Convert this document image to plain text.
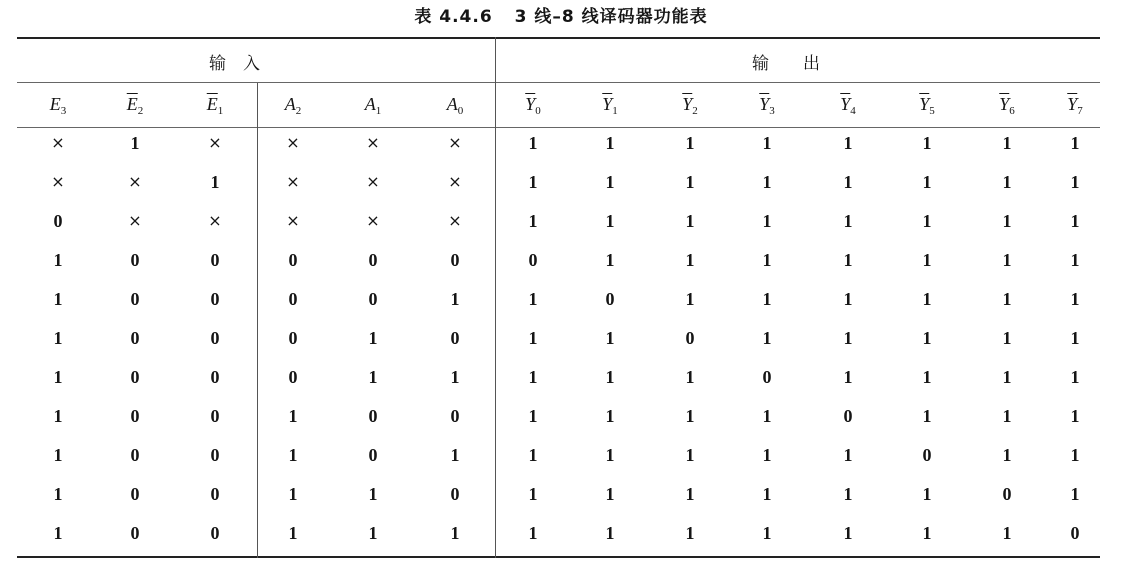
表 4.4.6 3 线–8 线译码器功能表
输　入	输　　出
$E_3$	$\overline{E}_2$	$\overline{E}_1$	$A_2$	$A_1$	$A_0$	$\overline{Y}_0$	$\overline{Y}_1$	$\overline{Y}_2$	$\overline{Y}_3$	$\overline{Y}_4$	$\overline{Y}_5$	$\overline{Y}_6$	$\overline{Y}_7$
×	1	×	×	×	×	1	1	1	1	1	1	1	1
×	×	1	×	×	×	1	1	1	1	1	1	1	1
0	×	×	×	×	×	1	1	1	1	1	1	1	1
1	0	0	0	0	0	0	1	1	1	1	1	1	1
1	0	0	0	0	1	1	0	1	1	1	1	1	1
1	0	0	0	1	0	1	1	0	1	1	1	1	1
1	0	0	0	1	1	1	1	1	0	1	1	1	1
1	0	0	1	0	0	1	1	1	1	0	1	1	1
1	0	0	1	0	1	1	1	1	1	1	0	1	1
1	0	0	1	1	0	1	1	1	1	1	1	0	1
1	0	0	1	1	1	1	1	1	1	1	1	1	0
